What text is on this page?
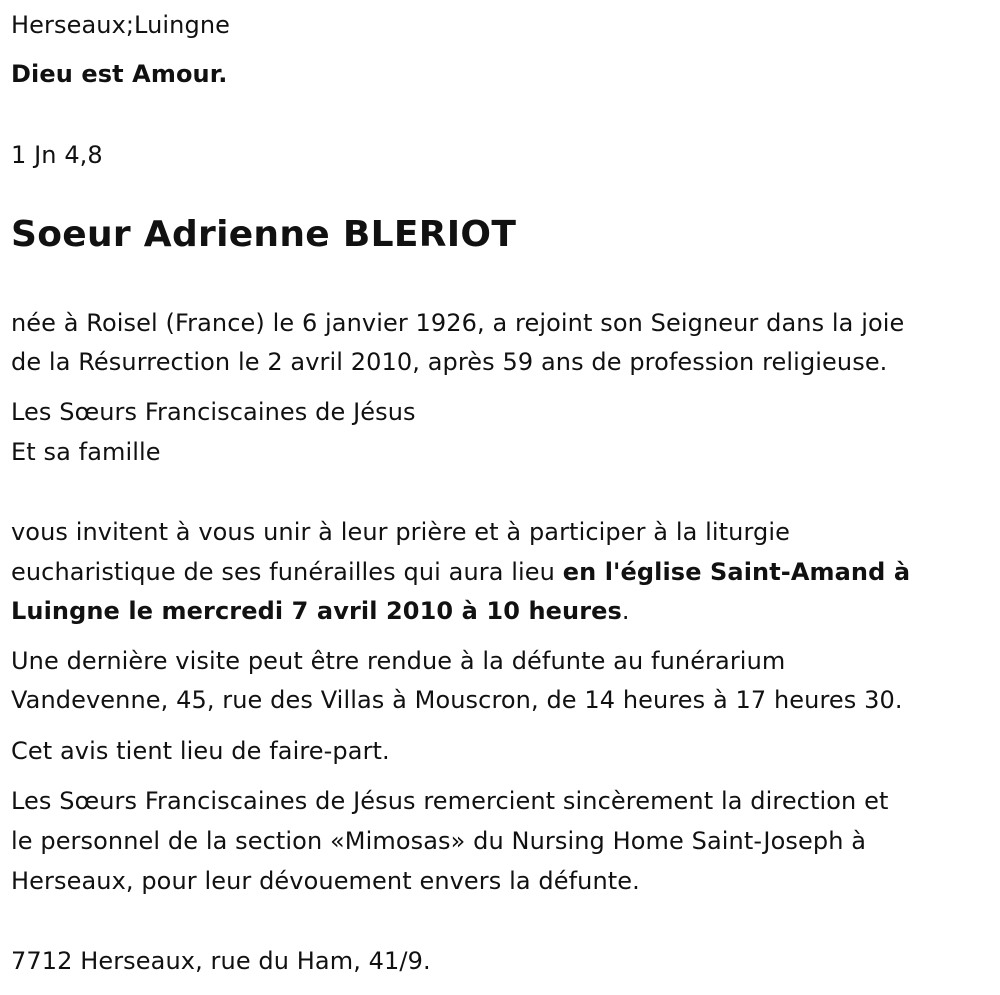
Herseaux;Luingne
Dieu est Amour.
1 Jn 4,8
Soeur Adrienne BLERIOT
née à Roisel (France) le 6 janvier 1926, a rejoint son Seigneur dans la joie
de la Résurrection le 2 avril 2010, après 59 ans de profession religieuse.
Les Sœurs Franciscaines de Jésus
Et sa famille
vous invitent à vous unir à leur prière et à participer à la liturgie
eucharistique de ses funérailles qui aura lieu en l'église Saint-Amand à
Luingne le mercredi 7 avril 2010 à 10 heures.
Une dernière visite peut être rendue à la défunte au funérarium
Vandevenne, 45, rue des Villas à Mouscron, de 14 heures à 17 heures 30.
Cet avis tient lieu de faire-part.
Les Sœurs Franciscaines de Jésus remercient sincèrement la direction et
le personnel de la section «Mimosas» du Nursing Home Saint-Joseph à
Herseaux, pour leur dévouement envers la défunte.
7712 Herseaux, rue du Ham, 41/9.
